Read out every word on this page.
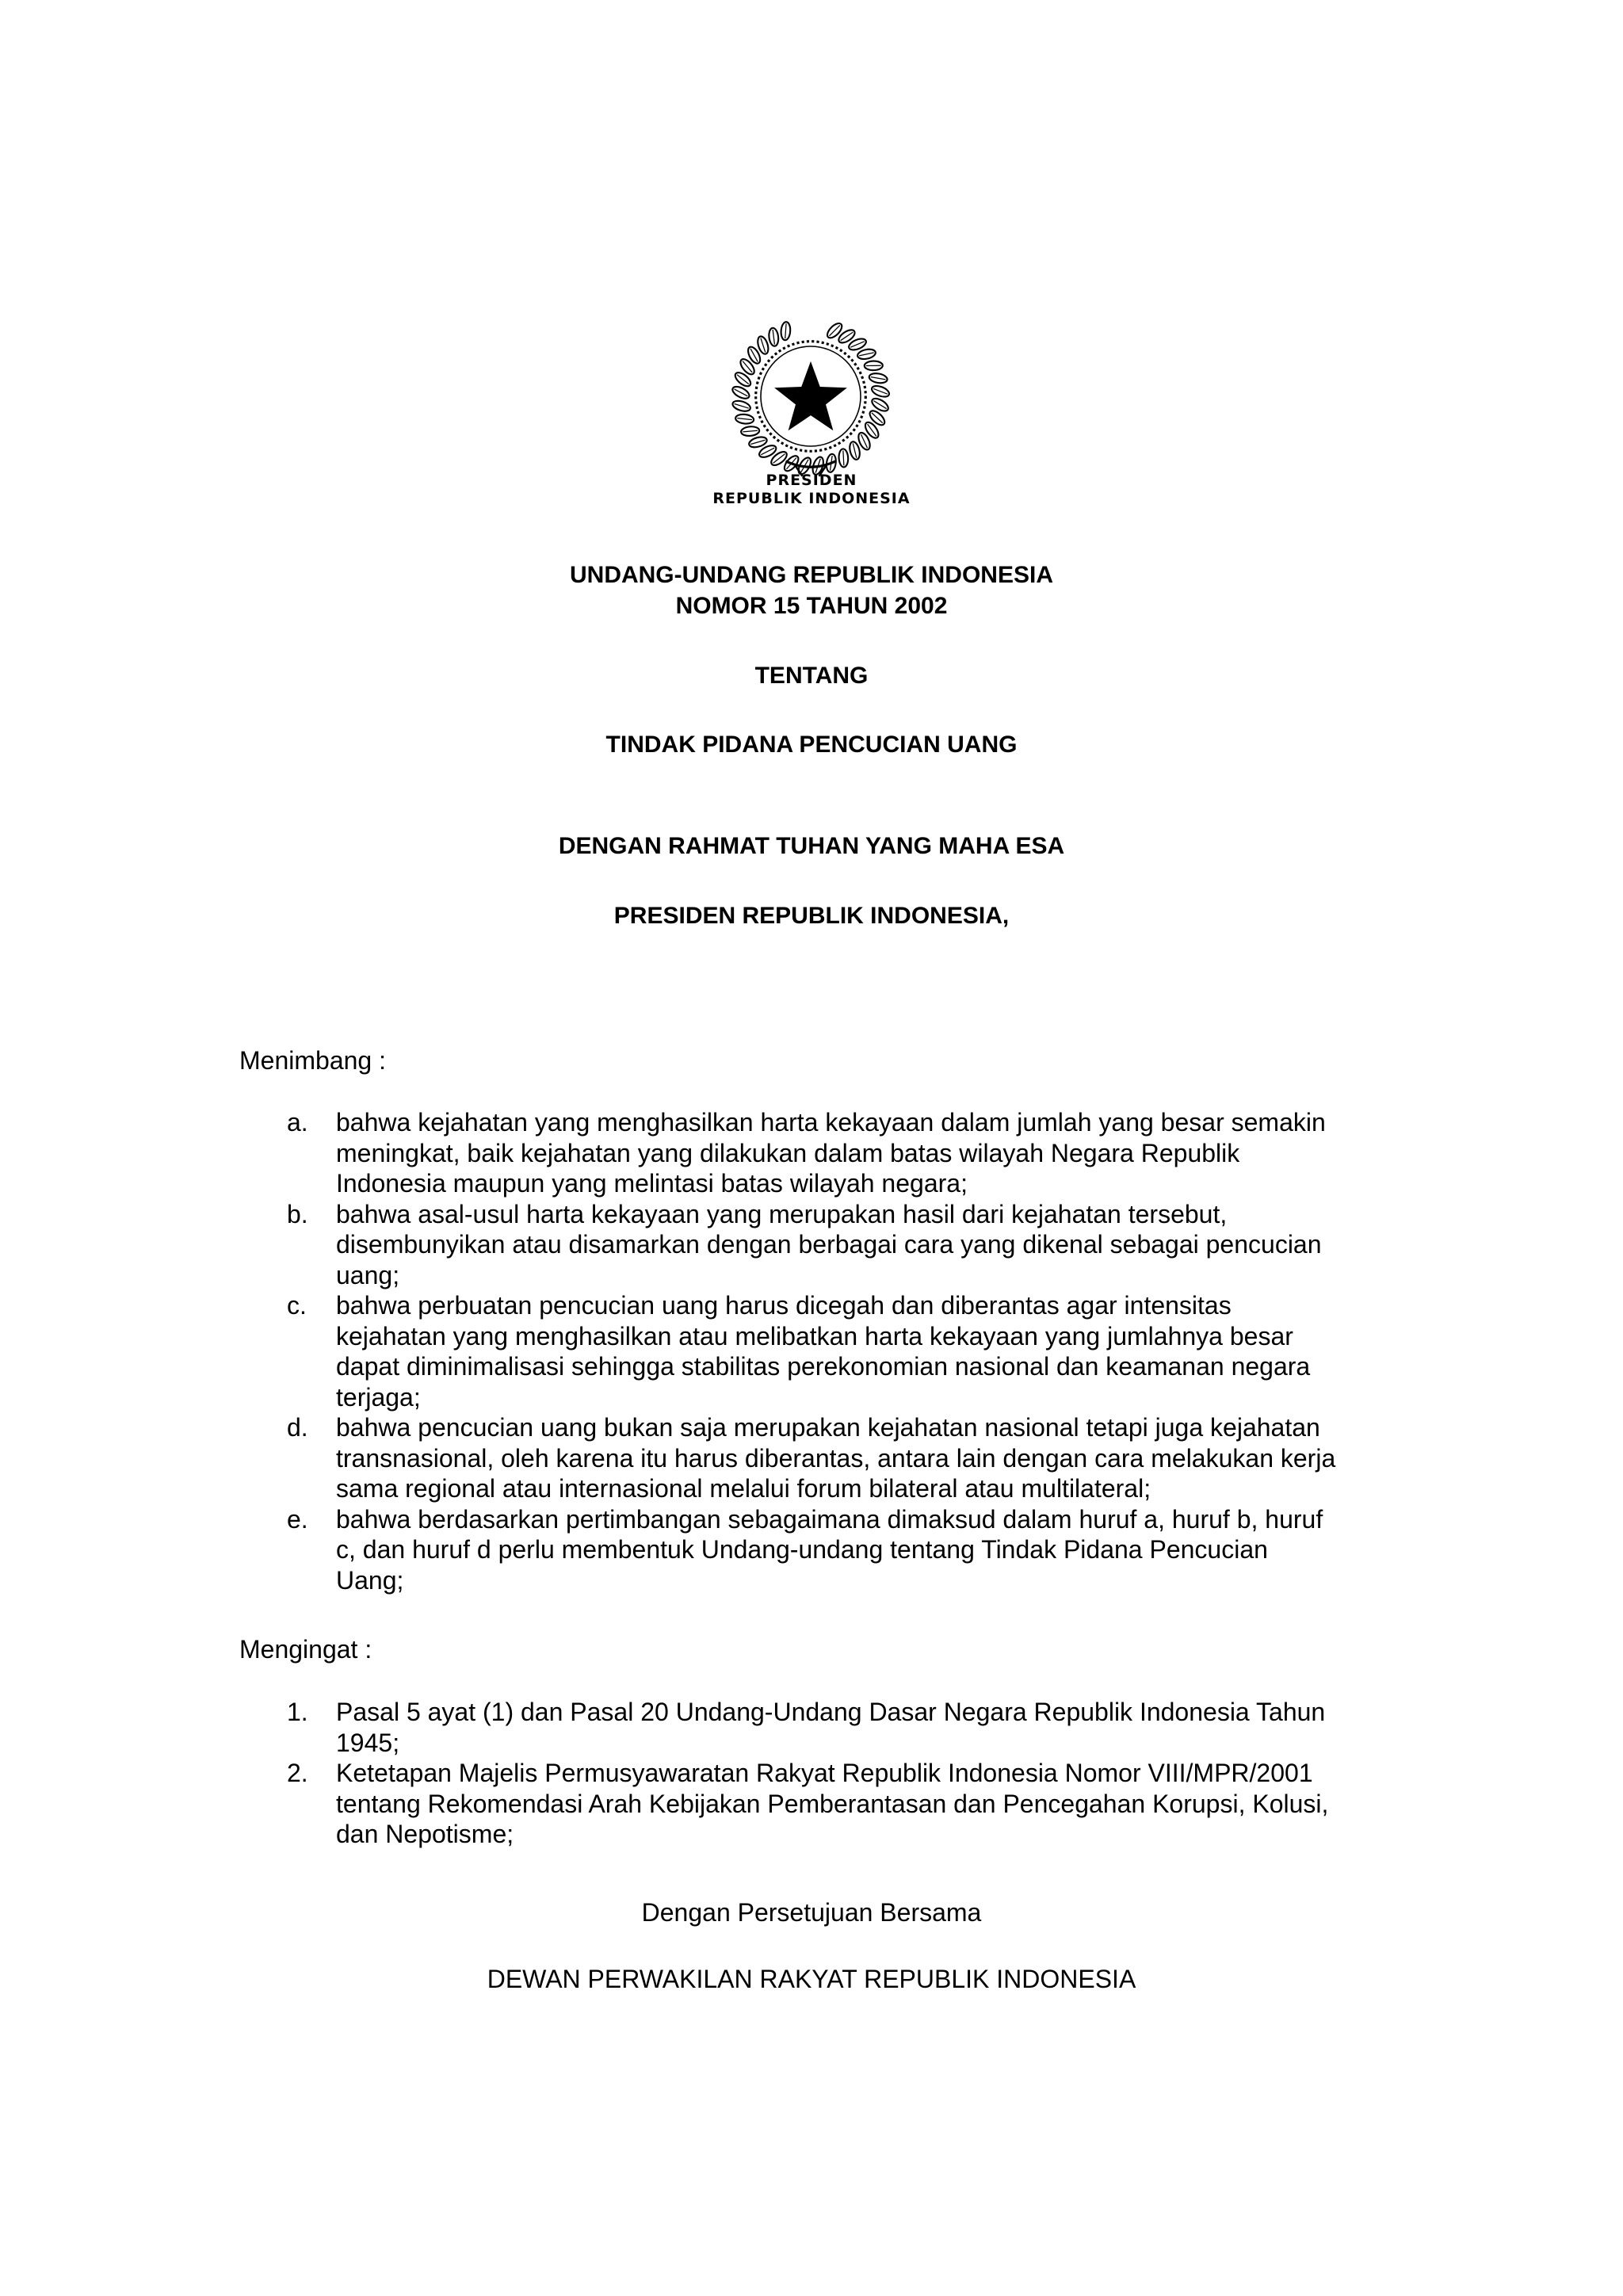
PRESIDEN
REPUBLIK INDONESIA
UNDANG-UNDANG REPUBLIK INDONESIA
NOMOR 15 TAHUN 2002
TENTANG
TINDAK PIDANA PENCUCIAN UANG
DENGAN RAHMAT TUHAN YANG MAHA ESA
PRESIDEN REPUBLIK INDONESIA,
Menimbang :
a. bahwa kejahatan yang menghasilkan harta kekayaan dalam jumlah yang besar semakin
meningkat, baik kejahatan yang dilakukan dalam batas wilayah Negara Republik
Indonesia maupun yang melintasi batas wilayah negara;
b. bahwa asal-usul harta kekayaan yang merupakan hasil dari kejahatan tersebut,
disembunyikan atau disamarkan dengan berbagai cara yang dikenal sebagai pencucian
uang;
c. bahwa perbuatan pencucian uang harus dicegah dan diberantas agar intensitas
kejahatan yang menghasilkan atau melibatkan harta kekayaan yang jumlahnya besar
dapat diminimalisasi sehingga stabilitas perekonomian nasional dan keamanan negara
terjaga;
d. bahwa pencucian uang bukan saja merupakan kejahatan nasional tetapi juga kejahatan
transnasional, oleh karena itu harus diberantas, antara lain dengan cara melakukan kerja
sama regional atau internasional melalui forum bilateral atau multilateral;
e. bahwa berdasarkan pertimbangan sebagaimana dimaksud dalam huruf a, huruf b, huruf
c, dan huruf d perlu membentuk Undang-undang tentang Tindak Pidana Pencucian
Uang;
Mengingat :
1. Pasal 5 ayat (1) dan Pasal 20 Undang-Undang Dasar Negara Republik Indonesia Tahun
1945;
2. Ketetapan Majelis Permusyawaratan Rakyat Republik Indonesia Nomor VIII/MPR/2001
tentang Rekomendasi Arah Kebijakan Pemberantasan dan Pencegahan Korupsi, Kolusi,
dan Nepotisme;
Dengan Persetujuan Bersama
DEWAN PERWAKILAN RAKYAT REPUBLIK INDONESIA
